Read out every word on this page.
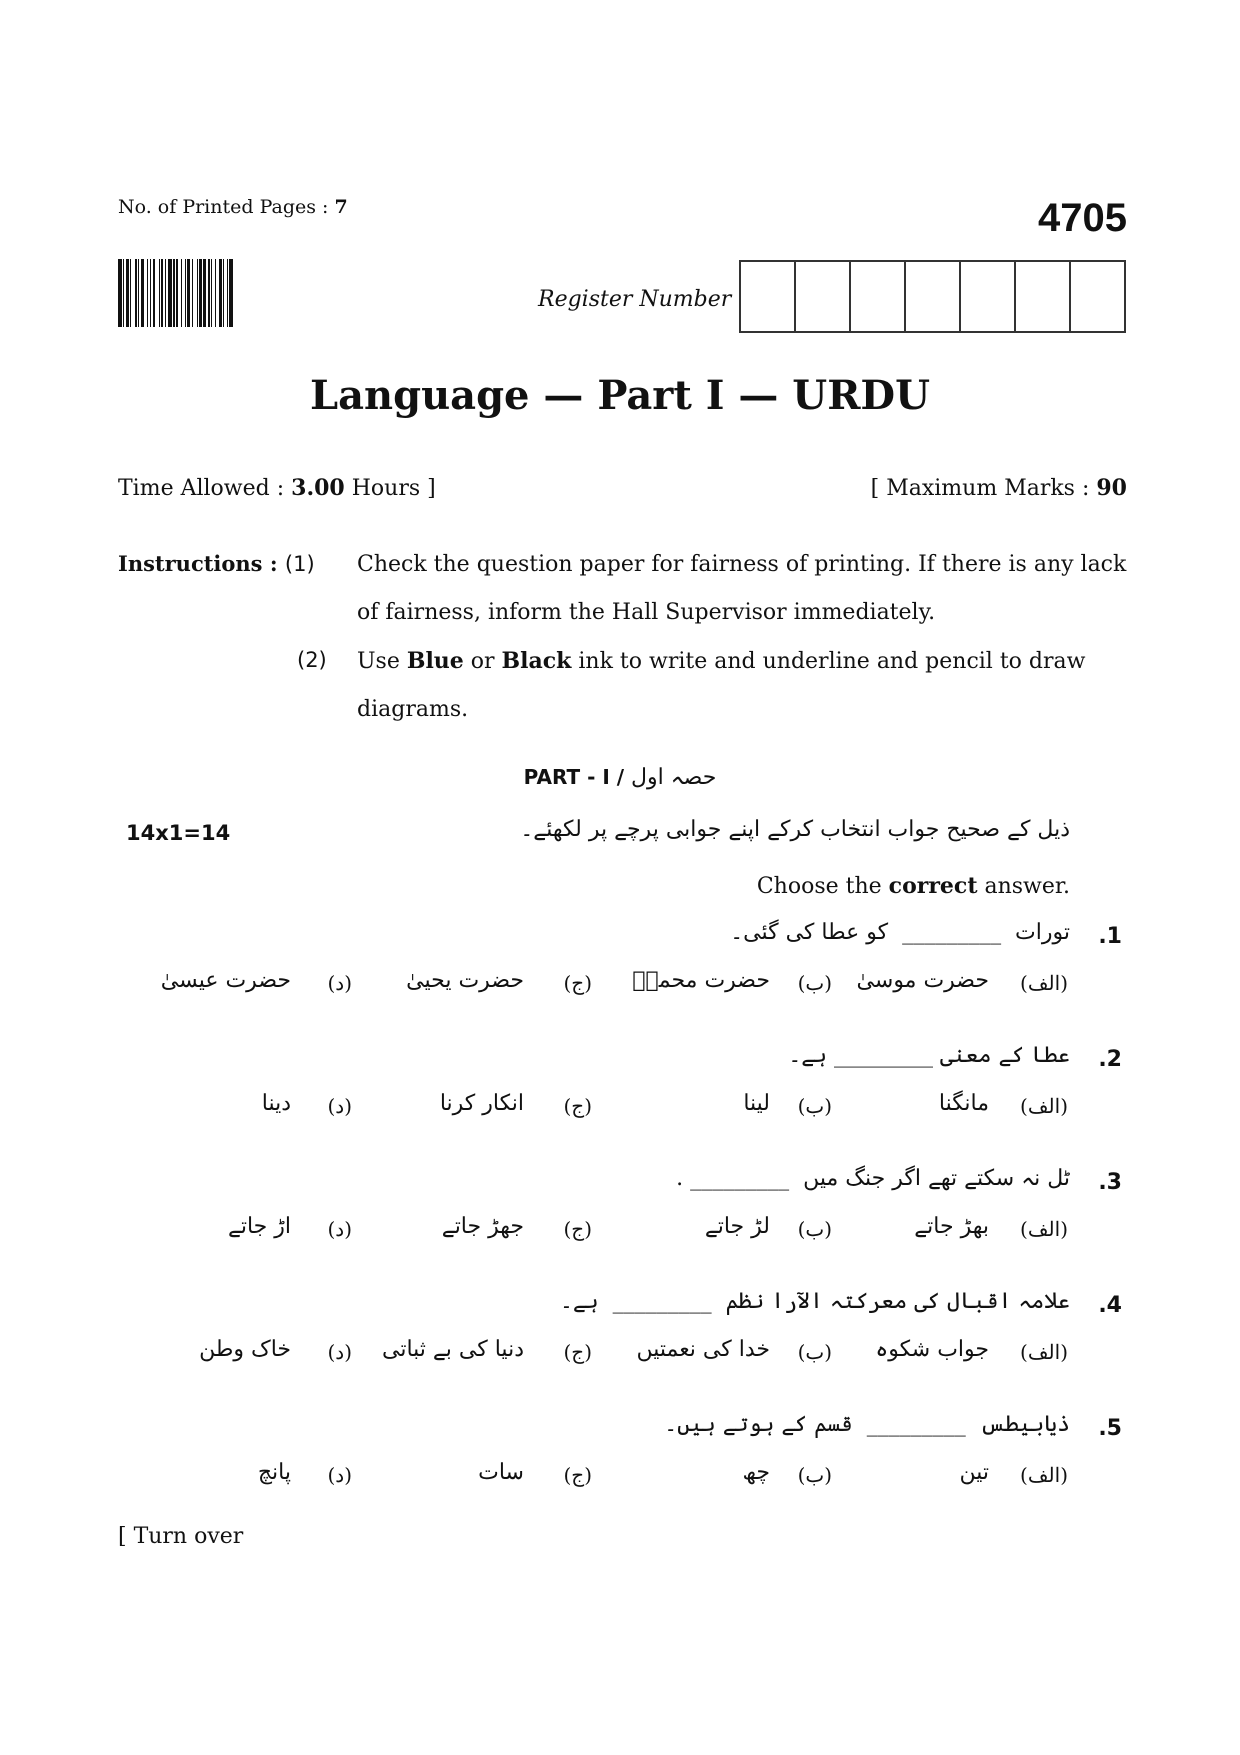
No. of Printed Pages : 7	4705
Register Number
Language — Part I — URDU
Time Allowed : 3.00 Hours ]	[ Maximum Marks : 90
Instructions : (1) Check the question paper for fairness of printing. If there is any lack of fairness, inform the Hall Supervisor immediately.
(2) Use Blue or Black ink to write and underline and pencil to draw diagrams.
PART - I / حصہ اول
14x1=14	ذیل کے صحیح جواب انتخاب کرکے اپنے جوابی پرچے پر لکھئے۔
Choose the correct answer.
.1
تورات  _________  کو عطا کی گئی۔
(الف)
حضرت موسیٰ
(ب)
حضرت محمدؐ
(ج)
حضرت یحییٰ
(د)
حضرت عیسیٰ
.2
عطا کے معنی _________ ہے۔
(الف)
مانگنا
(ب)
لینا
(ج)
انکار کرنا
(د)
دینا
.3
ٹل نہ سکتے تھے اگر جنگ میں  _________ .
(الف)
بھڑ جاتے
(ب)
لڑ جاتے
(ج)
جھڑ جاتے
(د)
اڑ جاتے
.4
علامہ اقبال کی معرکتہ الآرا نظم  _________  ہے۔
(الف)
جواب شکوہ
(ب)
خدا کی نعمتیں
(ج)
دنیا کی بے ثباتی
(د)
خاک وطن
.5
ذیابیطس  _________  قسم کے ہوتے ہیں۔
(الف)
تین
(ب)
چھ
(ج)
سات
(د)
پانچ
[ Turn over
